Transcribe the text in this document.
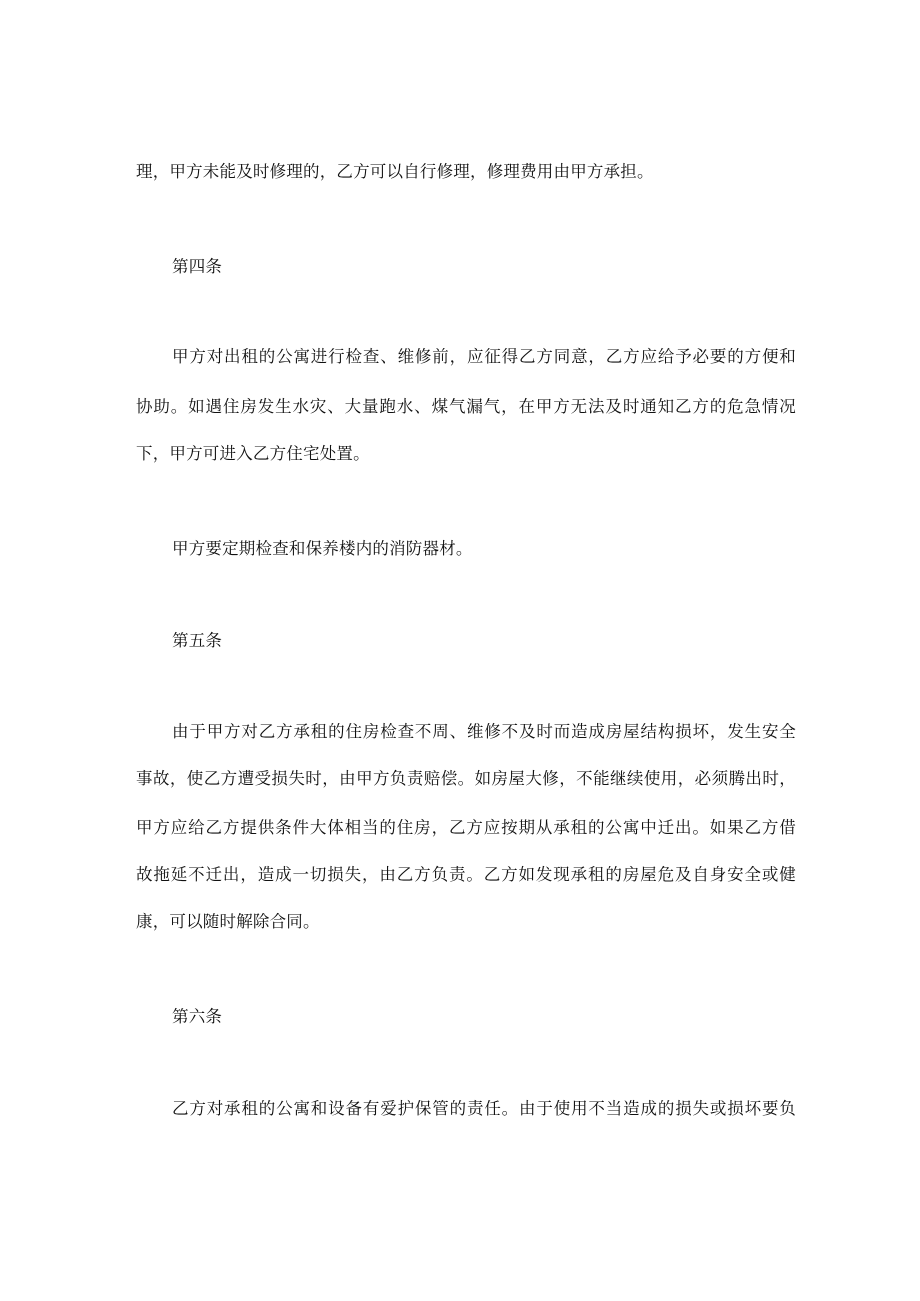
理，甲方未能及时修理的，乙方可以自行修理，修理费用由甲方承担。
第四条
甲方对出租的公寓进行检查、维修前，应征得乙方同意，乙方应给予必要的方便和
协助。如遇住房发生水灾、大量跑水、煤气漏气，在甲方无法及时通知乙方的危急情况
下，甲方可进入乙方住宅处置。
甲方要定期检查和保养楼内的消防器材。
第五条
由于甲方对乙方承租的住房检查不周、维修不及时而造成房屋结构损坏，发生安全
事故，使乙方遭受损失时，由甲方负责赔偿。如房屋大修，不能继续使用，必须腾出时，
甲方应给乙方提供条件大体相当的住房，乙方应按期从承租的公寓中迁出。如果乙方借
故拖延不迁出，造成一切损失，由乙方负责。乙方如发现承租的房屋危及自身安全或健
康，可以随时解除合同。
第六条
乙方对承租的公寓和设备有爱护保管的责任。由于使用不当造成的损失或损坏要负
